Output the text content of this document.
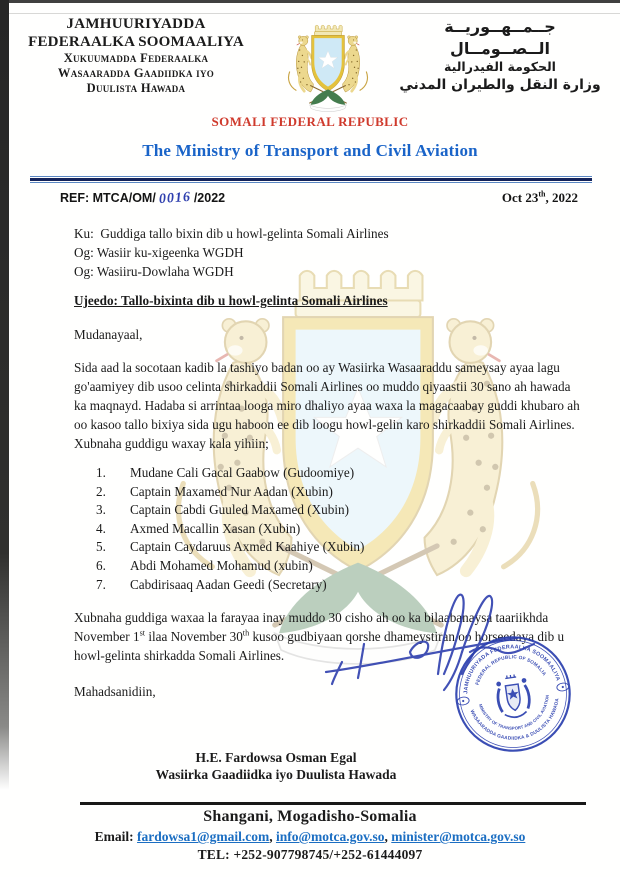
JAMHUURIYADDA
FEDERAALKA SOOMAALIYA
Xukuumadda Federaalka
Wasaaradda Gaadiidka iyo
Duulista Hawada
جــمــهــوريــة الــصــومــال
الحكومة الفيدرالية
وزارة النقل والطيران المدني
SOMALI FEDERAL REPUBLIC
The Ministry of Transport and Civil Aviation
REF: MTCA/OM/ 0016 /2022	Oct 23th, 2022
Ku:  Guddiga tallo bixin dib u howl-gelinta Somali Airlines
Og: Wasiir ku-xigeenka WGDH
Og: Wasiiru-Dowlaha WGDH
Ujeedo: Tallo-bixinta dib u howl-gelinta Somali Airlines
Mudanayaal,
Sida aad la socotaan kadib la tashiyo badan oo ay Wasiirka Wasaaraddu sameysay ayaa lagu go'aamiyey dib usoo celinta shirkaddii Somali Airlines oo muddo qiyaastii 30 sano ah hawada ka maqnayd. Hadaba si arrintaa looga miro dhaliyo ayaa waxa la magacaabay guddi khubaro ah oo kasoo tallo bixiya sida ugu haboon ee dib loogu howl-gelin karo shirkaddii Somali Airlines. Xubnaha guddigu waxay kala yihiin;
1.	Mudane Cali Gacal Gaabow (Gudoomiye)
2.	Captain Maxamed Nur Aadan (Xubin)
3.	Captain Cabdi Guuled Maxamed (Xubin)
4.	Axmed Macallin Xasan (Xubin)
5.	Captain Caydaruus Axmed Kaahiye (Xubin)
6.	Abdi Mohamed Mohamud (xubin)
7.	Cabdirisaaq Aadan Geedi (Secretary)
Xubnaha guddiga waxaa la farayaa inay muddo 30 cisho ah oo ka bilaabanaysa taariikhda November 1st ilaa November 30th kusoo gudbiyaan qorshe dhameystiran oo horseedaya dib u howl-gelinta shirkadda Somali Airlines.
Mahadsanidiin,	JAMHUURIYADA FEDERAALKA SOOMAALIYA
FEDERAL REPUBLIC OF SOMALIA
WASAARADDA GAADIIDKA & DUULISTA HAWADA
MINISTRY OF TRANSPORT AND CIVIL AVIATION
H.E. Fardowsa Osman Egal
Wasiirka Gaadiidka iyo Duulista Hawada
Shangani, Mogadisho-Somalia
Email: fardowsa1@gmail.com, info@motca.gov.so, minister@motca.gov.so
TEL: +252-907798745/+252-61444097
